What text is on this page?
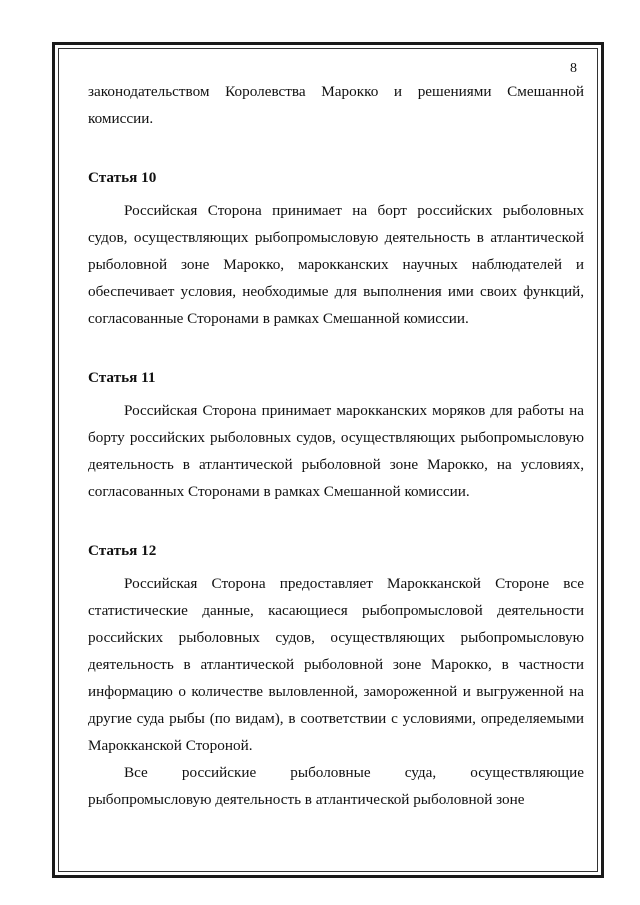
8

законодательством Королевства Марокко и решениями Смешанной комиссии.

Статья 10

Российская Сторона принимает на борт российских рыболовных судов, осуществляющих рыбопромысловую деятельность в атлантической рыболовной зоне Марокко, марокканских научных наблюдателей и обеспечивает условия, необходимые для выполнения ими своих функций, согласованные Сторонами в рамках Смешанной комиссии.

Статья 11

Российская Сторона принимает марокканских моряков для работы на борту российских рыболовных судов, осуществляющих рыбопромысловую деятельность в атлантической рыболовной зоне Марокко, на условиях, согласованных Сторонами в рамках Смешанной комиссии.

Статья 12

Российская Сторона предоставляет Марокканской Стороне все статистические данные, касающиеся рыбопромысловой деятельности российских рыболовных судов, осуществляющих рыбопромысловую деятельность в атлантической рыболовной зоне Марокко, в частности информацию о количестве выловленной, замороженной и выгруженной на другие суда рыбы (по видам), в соответствии с условиями, определяемыми Марокканской Стороной.

Все российские рыболовные суда, осуществляющие рыбопромысловую деятельность в атлантической рыболовной зоне
